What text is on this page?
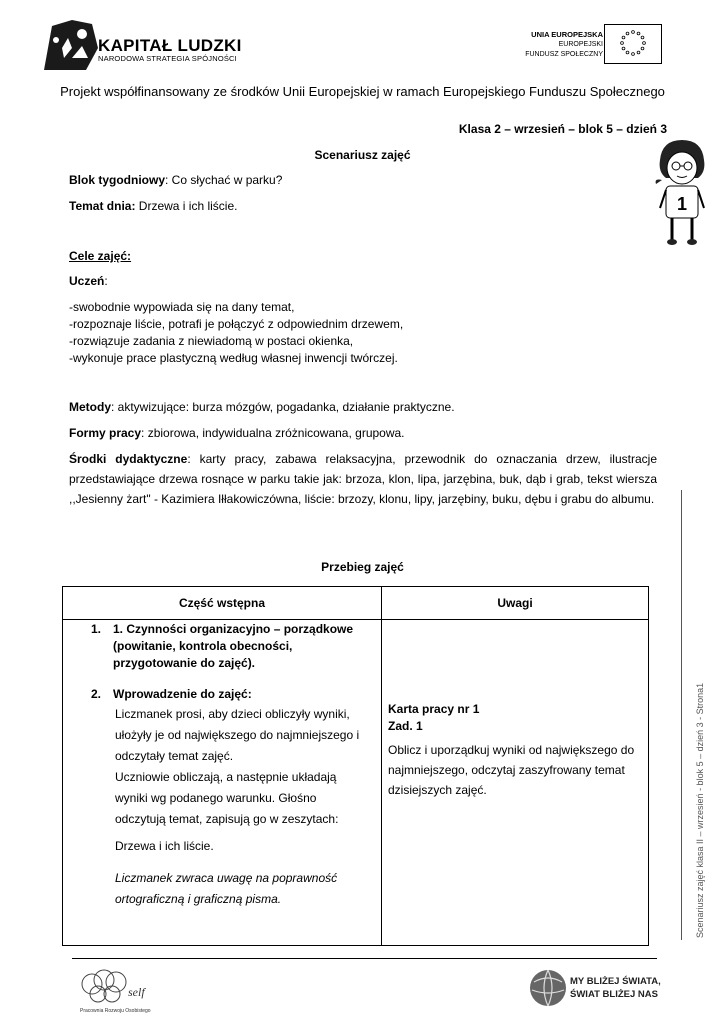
KAPITAŁ LUDZKI
NARODOWA STRATEGIA SPÓJNOŚCI
UNIA EUROPEJSKA
EUROPEJSKI
FUNDUSZ SPOŁECZNY
Projekt współfinansowany ze środków Unii Europejskiej w ramach Europejskiego Funduszu Społecznego
Klasa 2 – wrzesień – blok 5 – dzień 3
Scenariusz zajęć
1
Blok tygodniowy: Co słychać w parku?
Temat dnia: Drzewa i ich liście.
Cele zajęć:
Uczeń:
-swobodnie wypowiada się na dany temat,
-rozpoznaje liście, potrafi je połączyć z odpowiednim drzewem,
-rozwiązuje zadania z niewiadomą w postaci okienka,
-wykonuje prace plastyczną według własnej inwencji twórczej.
Metody: aktywizujące: burza mózgów, pogadanka, działanie praktyczne.
Formy pracy: zbiorowa, indywidualna zróżnicowana, grupowa.
Środki dydaktyczne: karty pracy, zabawa relaksacyjna, przewodnik do oznaczania drzew, ilustracje przedstawiające drzewa rosnące w parku takie jak: brzoza, klon, lipa, jarzębina, buk, dąb i grab, tekst wiersza ,,Jesienny żart" - Kazimiera Iłłakowiczówna, liście: brzozy, klonu, lipy, jarzębiny, buku, dębu i grabu do albumu.
Przebieg zajęć
Część wstępna	Uwagi
1. 1. Czynności organizacyjno – porządkowe (powitanie, kontrola obecności, przygotowanie do zajęć).
2. Wprowadzenie do zajęć:
Liczmanek prosi, aby dzieci obliczyły wyniki, ułożyły je od największego do najmniejszego i odczytały temat zajęć.
Uczniowie obliczają, a następnie układają wyniki wg podanego warunku. Głośno odczytują temat, zapisują go w zeszytach:
Drzewa i ich liście.
Liczmanek zwraca uwagę na poprawność ortograficzną i graficzną pisma.
Karta pracy nr 1
Zad. 1
Oblicz i uporządkuj wyniki od największego do najmniejszego, odczytaj zaszyfrowany temat dzisiejszych zajęć.	Scenariusz zajęć klasa II – wrzesień - blok 5 – dzień 3 - Strona1
self
Pracownia Rozwoju Osobistego
MY BLIŻEJ ŚWIATA,
ŚWIAT BLIŻEJ NAS
